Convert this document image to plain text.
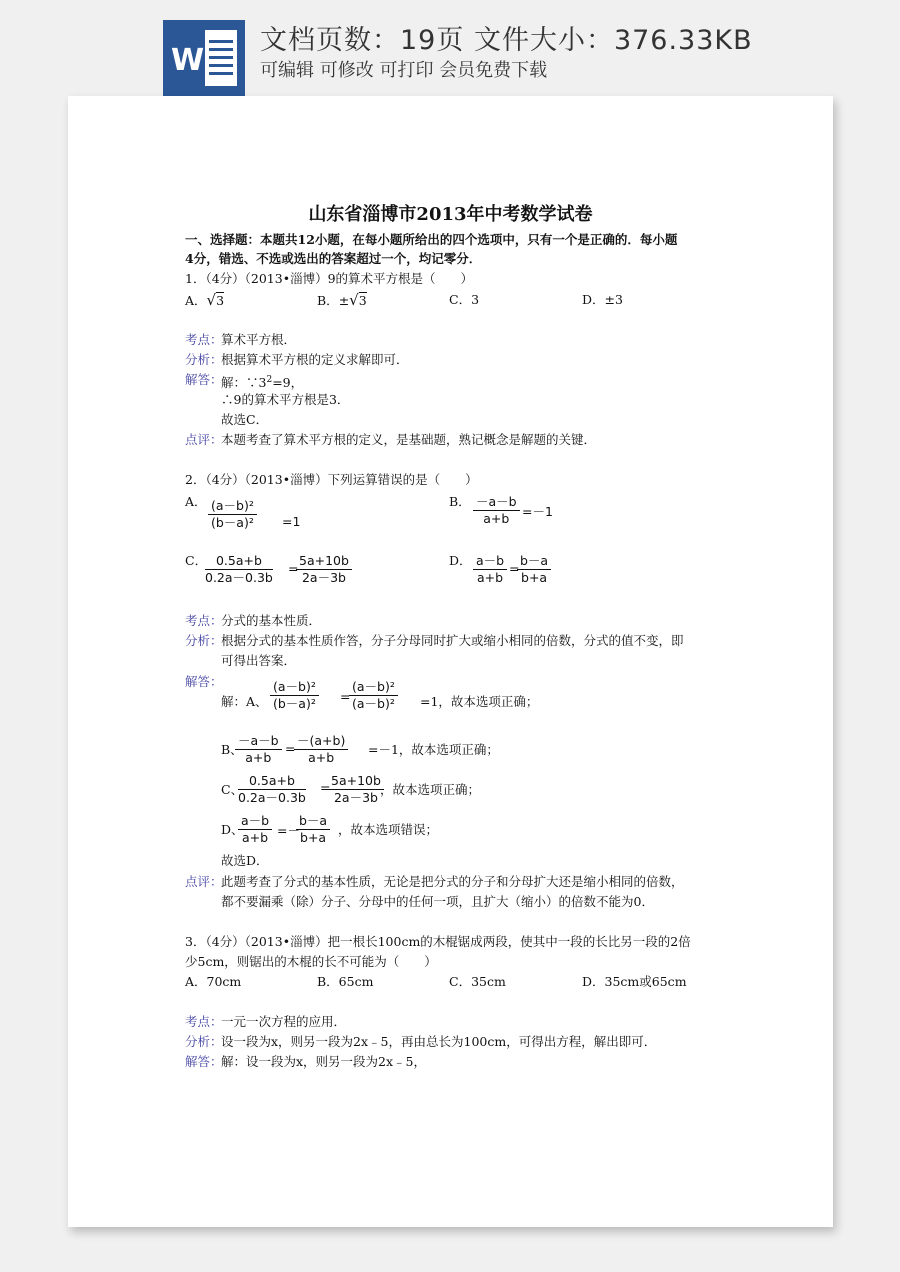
W
文档页数：19页 文件大小：376.33KB
可编辑 可修改 可打印 会员免费下载
山东省淄博市2013年中考数学试卷
一、选择题：本题共12小题，在每小题所给出的四个选项中，只有一个是正确的．每小题
4分，错选、不选或选出的答案超过一个，均记零分．
1．（4分）（2013•淄博）9的算术平方根是（　　）
A．√3	B．±√3	C．3	D．±3
考点：
算术平方根．
分析：
根据算术平方根的定义求解即可．
解答：
解：$\because 3^2=9$，
∴9的算术平方根是3．
故选C．
点评：
本题考查了算术平方根的定义，是基础题，熟记概念是解题的关键．
2．（4分）（2013•淄博）下列运算错误的是（　　）
A． $\frac{\text{(a－b)²}}{\text{(b－a)²}} =1$
B． $\frac{-a-b}{a+b} =-1$
C．
$\frac{0.5a+b}{0.2a-0.3b}$ =
$\frac{5a+10b}{2a-3b}$	D． $\frac{a-b}{a+b}$ =
$\frac{b-a}{b+a}$
考点：
分式的基本性质．
分析：
根据分式的基本性质作答，分子分母同时扩大或缩小相同的倍数，分式的值不变，即
可得出答案．
解答：
解：A、 $\frac{\text{(a－b)²}}{\text{(b－a)²}}$ =
$\frac{\text{(a－b)²}}{\text{(a－b)²}} =1$，故本选项正确；
B、
$\frac{-a-b}{a+b}$ =
$\frac{-(a+b)}{a+b} =-1$，故本选项正确；
C、
$\frac{0.5a+b}{0.2a-0.3b}$ =
$\frac{5a+10b}{2a-3b}$
，故本选项正确；
D、
$\frac{a-b}{a+b}$ =－
$\frac{b-a}{b+a}$ ，故本选项错误；
故选D．
点评：
此题考查了分式的基本性质，无论是把分式的分子和分母扩大还是缩小相同的倍数，
都不要漏乘（除）分子、分母中的任何一项，且扩大（缩小）的倍数不能为0．
3．（4分）（2013•淄博）把一根长100cm的木棍锯成两段，使其中一段的长比另一段的2倍
少5cm，则锯出的木棍的长不可能为（　　）
A．70cm	B．65cm	C．35cm	D．35cm或65cm
考点：
一元一次方程的应用．
分析：
设一段为x，则另一段为2x﹣5，再由总长为100cm，可得出方程，解出即可．
解答：
解：设一段为x，则另一段为2x﹣5，
